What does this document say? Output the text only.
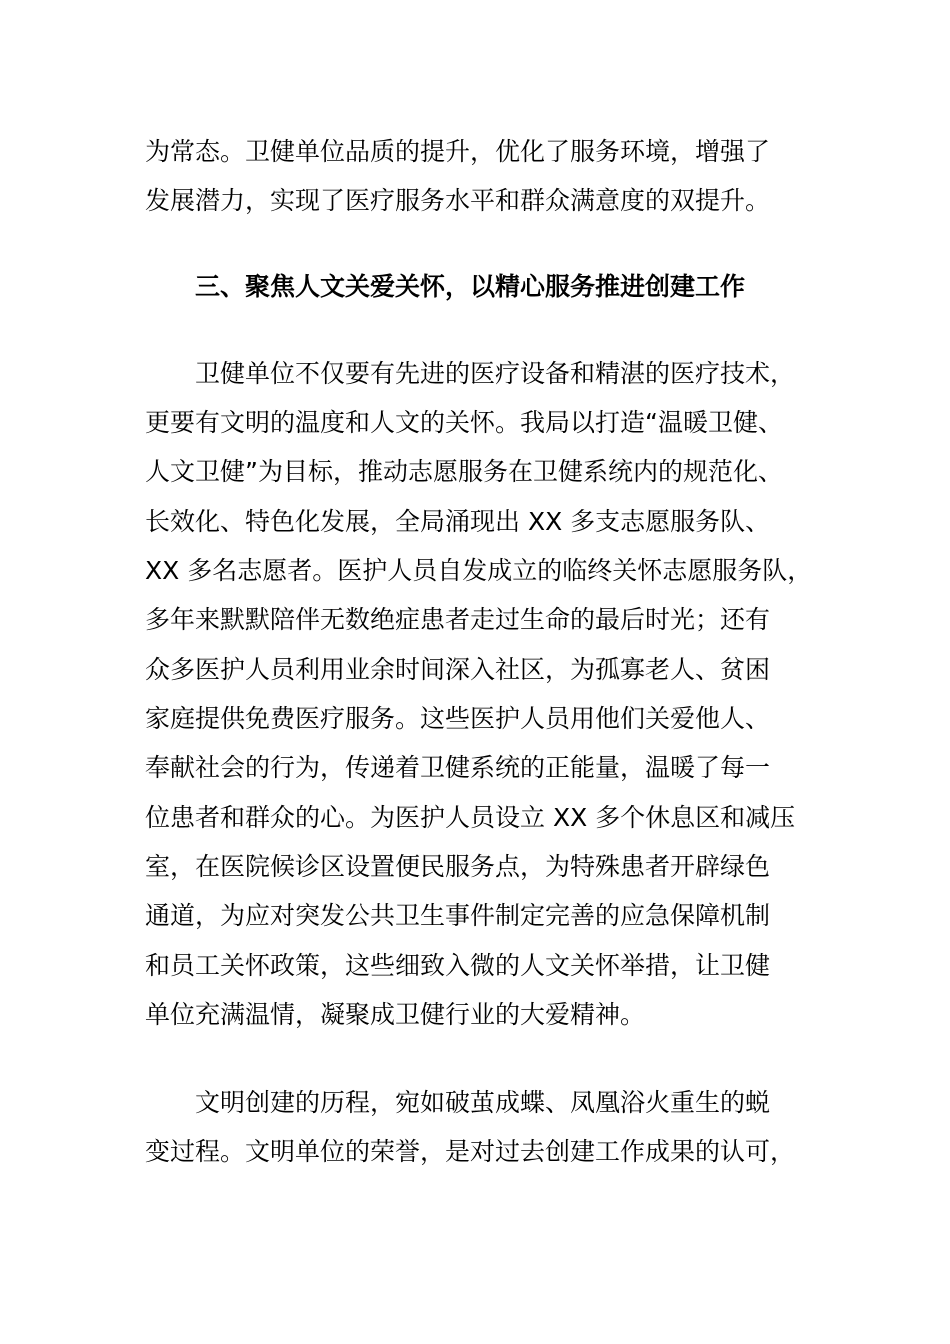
为常态。卫健单位品质的提升，优化了服务环境，增强了
发展潜力，实现了医疗服务水平和群众满意度的双提升。
三、聚焦人文关爱关怀，以精心服务推进创建工作
卫健单位不仅要有先进的医疗设备和精湛的医疗技术，
更要有文明的温度和人文的关怀。我局以打造“温暖卫健、
人文卫健”为目标，推动志愿服务在卫健系统内的规范化、
长效化、特色化发展，全局涌现出 XX 多支志愿服务队、
XX 多名志愿者。医护人员自发成立的临终关怀志愿服务队，
多年来默默陪伴无数绝症患者走过生命的最后时光；还有
众多医护人员利用业余时间深入社区，为孤寡老人、贫困
家庭提供免费医疗服务。这些医护人员用他们关爱他人、
奉献社会的行为，传递着卫健系统的正能量，温暖了每一
位患者和群众的心。为医护人员设立 XX 多个休息区和减压
室，在医院候诊区设置便民服务点，为特殊患者开辟绿色
通道，为应对突发公共卫生事件制定完善的应急保障机制
和员工关怀政策，这些细致入微的人文关怀举措，让卫健
单位充满温情，凝聚成卫健行业的大爱精神。
文明创建的历程，宛如破茧成蝶、凤凰浴火重生的蜕
变过程。文明单位的荣誉，是对过去创建工作成果的认可，
